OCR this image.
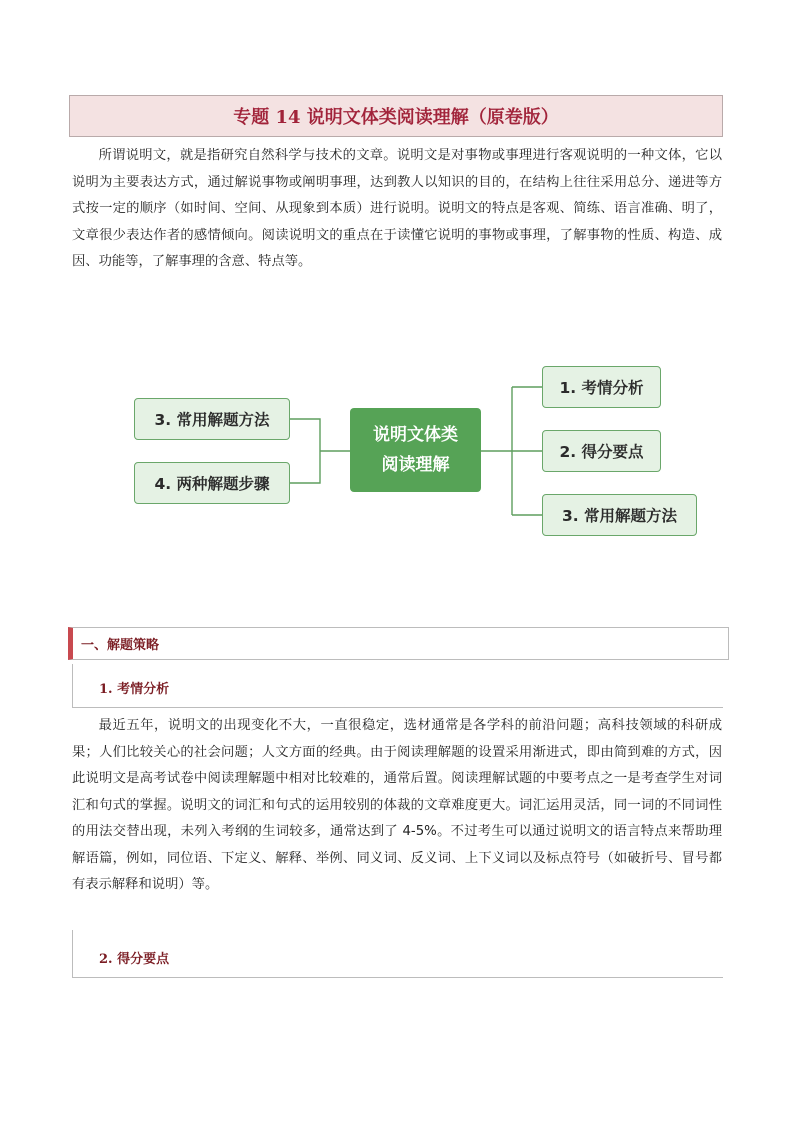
专题 14 说明文体类阅读理解（原卷版）
所谓说明文，就是指研究自然科学与技术的文章。说明文是对事物或事理进行客观说明的一种文体，它以说明为主要表达方式，通过解说事物或阐明事理，达到教人以知识的目的，在结构上往往采用总分、递进等方式按一定的顺序（如时间、空间、从现象到本质）进行说明。说明文的特点是客观、简练、语言准确、明了，文章很少表达作者的感情倾向。阅读说明文的重点在于读懂它说明的事物或事理，了解事物的性质、构造、成因、功能等，了解事理的含意、特点等。
3. 常用解题方法
4. 两种解题步骤
说明文体类
阅读理解
1. 考情分析
2. 得分要点
3. 常用解题方法
一、解题策略
1. 考情分析
最近五年，说明文的出现变化不大，一直很稳定，选材通常是各学科的前沿问题；高科技领域的科研成果；人们比较关心的社会问题；人文方面的经典。由于阅读理解题的设置采用渐进式，即由简到难的方式，因此说明文是高考试卷中阅读理解题中相对比较难的，通常后置。阅读理解试题的中要考点之一是考查学生对词汇和句式的掌握。说明文的词汇和句式的运用较别的体裁的文章难度更大。词汇运用灵活，同一词的不同词性的用法交替出现，未列入考纲的生词较多，通常达到了 4-5%。不过考生可以通过说明文的语言特点来帮助理解语篇，例如，同位语、下定义、解释、举例、同义词、反义词、上下义词以及标点符号（如破折号、冒号都有表示解释和说明）等。
2. 得分要点
